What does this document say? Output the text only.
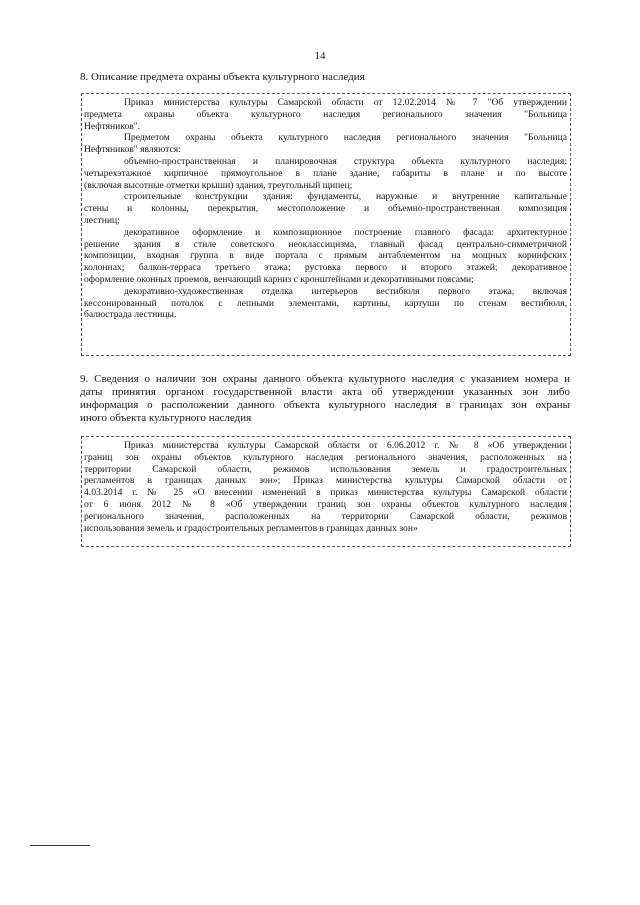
14
8. Описание предмета охраны объекта культурного наследия
Приказ министерства культуры Самарской области от 12.02.2014 № 7 "Об утверждении
предмета охраны объекта культурного наследия регионального значения "Больница
Нефтяников".
Предметом охраны объекта культурного наследия регионального значения "Больница
Нефтяников" являются:
объемно-пространственная и планировочная структура объекта культурного наследия:
четырехэтажное кирпичное прямоугольное в плане здание, габариты в плане и по высоте
(включая высотные отметки крыши) здания, треугольный щипец;
строительные конструкции здания: фундаменты, наружные и внутренние капитальные
стены и колонны, перекрытия, местоположение и объемно-пространственная композиция
лестниц;
декоративное оформление и композиционное построение главного фасада: архитектурное
решение здания в стиле советского неоклассицизма, главный фасад центрально-симметричной
композиции, входная группа в виде портала с прямым антаблементом на мощных коринфских
колоннах; балкон-терраса третьего этажа; рустовка первого и второго этажей; декоративное
оформление оконных проемов, венчающий карниз с кронштейнами и декоративными поясами;
декоративно-художественная отделка интерьеров вестибюля первого этажа, включая
кессонированный потолок с лепными элементами, картины, картуши по стенам вестибюля,
балюстрада лестницы.
9. Сведения о наличии зон охраны данного объекта культурного наследия с указанием номера и
даты принятия органом государственной власти акта об утверждении указанных зон либо
информация о расположении данного объекта культурного наследия в границах зон охраны
иного объекта культурного наследия
Приказ министерства культуры Самарской области от 6.06.2012 г. № 8 «Об утверждении
границ зон охраны объектов культурного наследия регионального значения, расположенных на
территории Самарской области, режимов использования земель и градостроительных
регламентов в границах данных зон»; Приказ министерства культуры Самарской области от
4.03.2014 г. № 25 «О внесении изменений в приказ министерства культуры Самарской области
от 6 июня 2012 № 8 «Об утверждении границ зон охраны объектов культурного наследия
регионального значения, расположенных на территории Самарской области, режимов
использования земель и градостроительных регламентов в границах данных зон»
